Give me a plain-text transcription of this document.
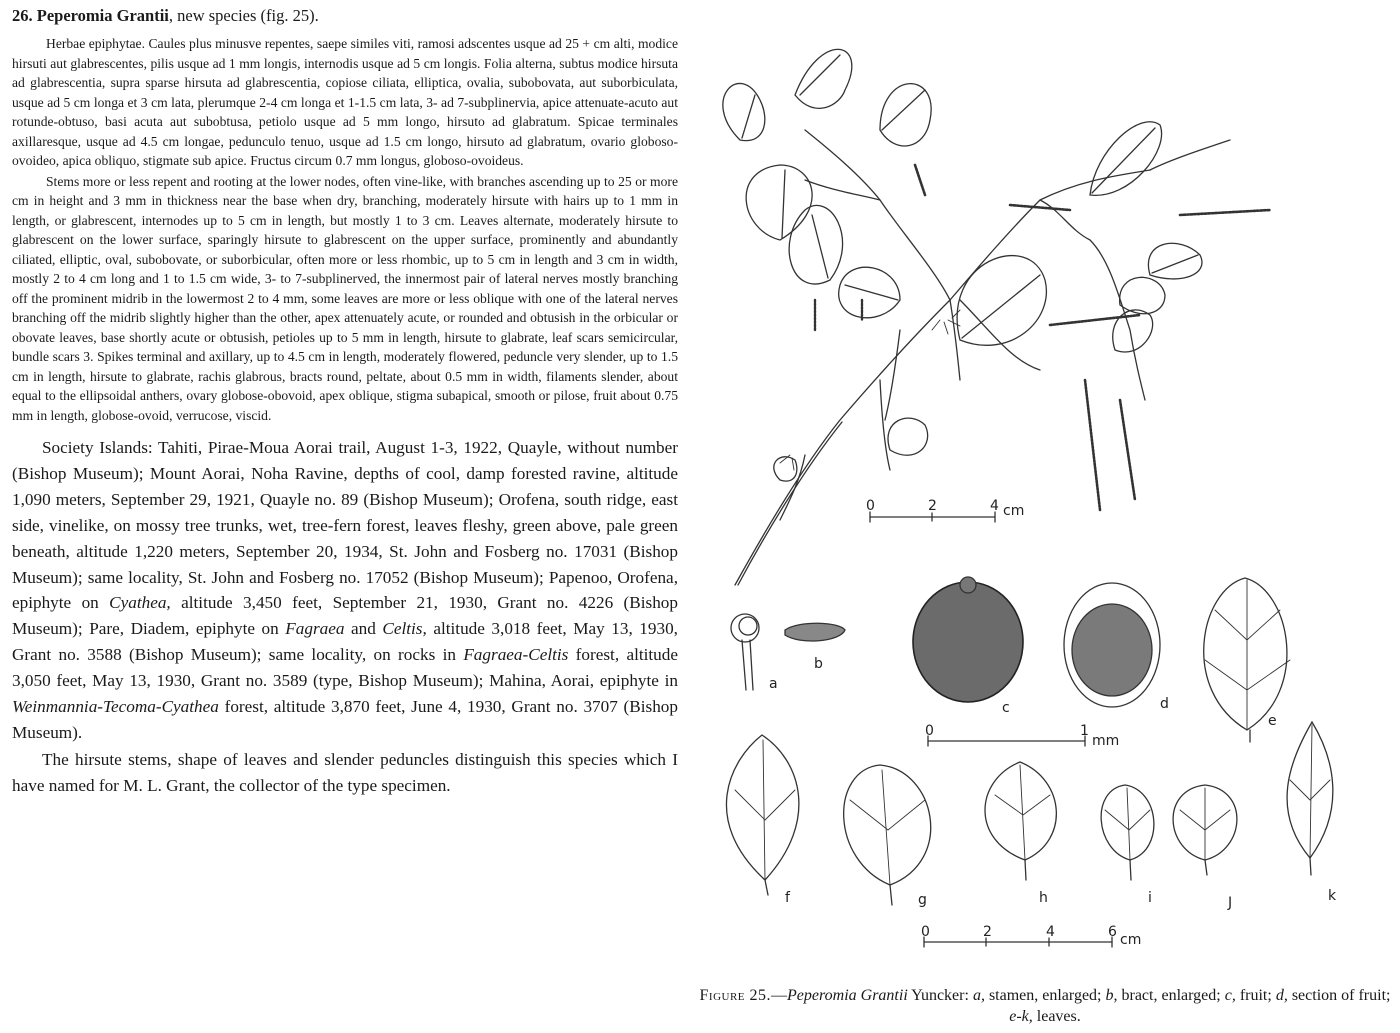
26. Peperomia Grantii, new species (fig. 25).

Herbae epiphytae. Caules plus minusve repentes, saepe similes viti, ramosi adscentes usque ad 25 + cm alti, modice hirsuti aut glabrescentes, pilis usque ad 1 mm longis, internodis usque ad 5 cm longis. Folia alterna, subtus modice hirsuta ad glabrescentia, supra sparse hirsuta ad glabrescentia, copiose ciliata, elliptica, ovalia, subobovata, aut suborbiculata, usque ad 5 cm longa et 3 cm lata, plerumque 2-4 cm longa et 1-1.5 cm lata, 3- ad 7-subplinervia, apice attenuate-acuto aut rotunde-obtuso, basi acuta aut subobtusa, petiolo usque ad 5 mm longo, hirsuto ad glabratum. Spicae terminales axillaresque, usque ad 4.5 cm longae, pedunculo tenuo, usque ad 1.5 cm longo, hirsuto ad glabratum, ovario globoso-ovoideo, apica obliquo, stigmate sub apice. Fructus circum 0.7 mm longus, globoso-ovoideus.

Stems more or less repent and rooting at the lower nodes, often vine-like, with branches ascending up to 25 or more cm in height and 3 mm in thickness near the base when dry, branching, moderately hirsute with hairs up to 1 mm in length, or glabrescent, internodes up to 5 cm in length, but mostly 1 to 3 cm. Leaves alternate, moderately hirsute to glabrescent on the lower surface, sparingly hirsute to glabrescent on the upper surface, prominently and abundantly ciliated, elliptic, oval, subobovate, or suborbicular, often more or less rhombic, up to 5 cm in length and 3 cm in width, mostly 2 to 4 cm long and 1 to 1.5 cm wide, 3- to 7-subplinerved, the innermost pair of lateral nerves mostly branching off the prominent midrib in the lowermost 2 to 4 mm, some leaves are more or less oblique with one of the lateral nerves branching off the midrib slightly higher than the other, apex attenuately acute, or rounded and obtusish in the orbicular or obovate leaves, base shortly acute or obtusish, petioles up to 5 mm in length, hirsute to glabrate, leaf scars semicircular, bundle scars 3. Spikes terminal and axillary, up to 4.5 cm in length, moderately flowered, peduncle very slender, up to 1.5 cm in length, hirsute to glabrate, rachis glabrous, bracts round, peltate, about 0.5 mm in width, filaments slender, about equal to the ellipsoidal anthers, ovary globose-obovoid, apex oblique, stigma subapical, smooth or pilose, fruit about 0.75 mm in length, globose-ovoid, verrucose, viscid.

Society Islands: Tahiti, Pirae-Moua Aorai trail, August 1-3, 1922, Quayle, without number (Bishop Museum); Mount Aorai, Noha Ravine, depths of cool, damp forested ravine, altitude 1,090 meters, September 29, 1921, Quayle no. 89 (Bishop Museum); Orofena, south ridge, east side, vinelike, on mossy tree trunks, wet, tree-fern forest, leaves fleshy, green above, pale green beneath, altitude 1,220 meters, September 20, 1934, St. John and Fosberg no. 17031 (Bishop Museum); same locality, St. John and Fosberg no. 17052 (Bishop Museum); Papenoo, Orofena, epiphyte on Cyathea, altitude 3,450 feet, September 21, 1930, Grant no. 4226 (Bishop Museum); Pare, Diadem, epiphyte on Fagraea and Celtis, altitude 3,018 feet, May 13, 1930, Grant no. 3588 (Bishop Museum); same locality, on rocks in Fagraea-Celtis forest, altitude 3,050 feet, May 13, 1930, Grant no. 3589 (type, Bishop Museum); Mahina, Aorai, epiphyte in Weinmannia-Tecoma-Cyathea forest, altitude 3,870 feet, June 4, 1930, Grant no. 3707 (Bishop Museum).

The hirsute stems, shape of leaves and slender peduncles distinguish this species which I have named for M. L. Grant, the collector of the type specimen.

0	2	4 cm
0	1
mm
0	2	4	6 cm
a
b
c	d
e
f	g	h	i	J	k
Figure 25.—Peperomia Grantii Yuncker: a, stamen, enlarged; b, bract, enlarged; c, fruit; d, section of fruit; e-k, leaves.
